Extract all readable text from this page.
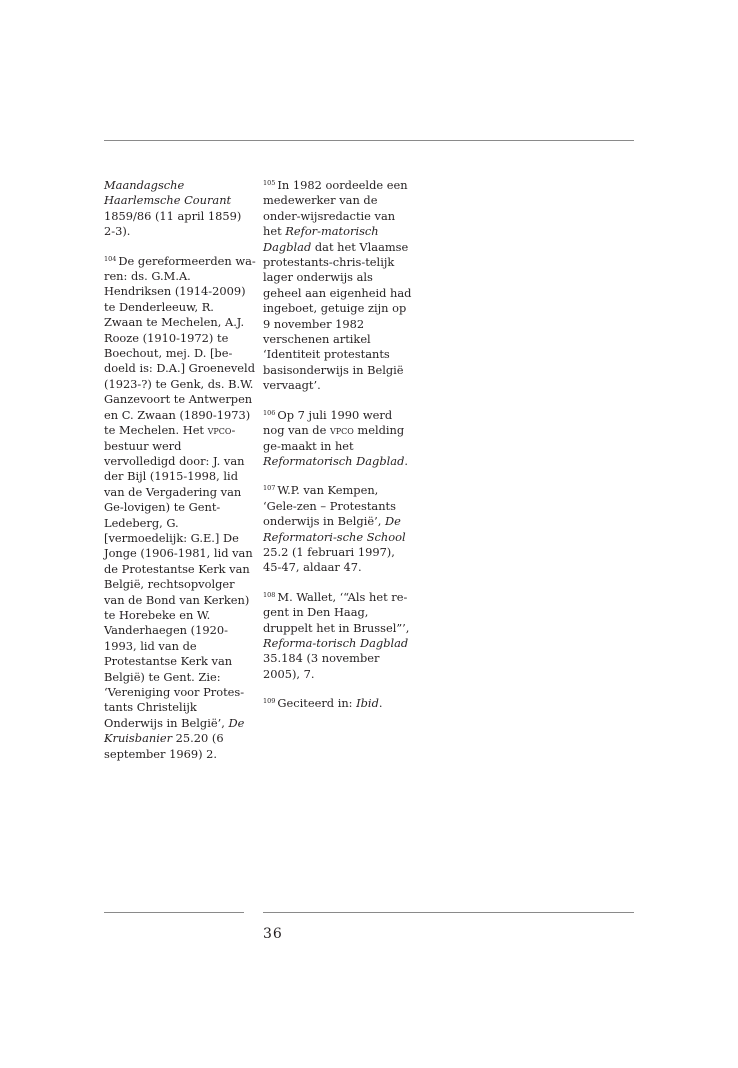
Maandagsche Haarlemsche Courant 1859/86 (11 april 1859) 2-3).

$^{104}$ De gereformeerden wa-ren: ds. G.M.A. Hendriksen (1914-2009) te Denderleeuw, R. Zwaan te Mechelen, A.J. Rooze (1910-1972) te Boechout, mej. D. [be-doeld is: D.A.] Groeneveld (1923-?) te Genk, ds. B.W. Ganzevoort te Antwerpen en C. Zwaan (1890-1973) te Mechelen. Het vpco-bestuur werd vervolledigd door: J. van der Bijl (1915-1998, lid van de Vergadering van Ge-lovigen) te Gent-Ledeberg, G. [vermoedelijk: G.E.] De Jonge (1906-1981, lid van de Protestantse Kerk van België, rechtsopvolger van de Bond van Kerken) te Horebeke en W. Vanderhaegen (1920-1993, lid van de Protestantse Kerk van België) te Gent. Zie: ‘Vereniging voor Protes-tants Christelijk Onderwijs in België’, De Kruisbanier 25.20 (6 september 1969) 2.

$^{105}$ In 1982 oordeelde een medewerker van de onder-wijsredactie van het Refor-matorisch Dagblad dat het Vlaamse protestants-chris-telijk lager onderwijs als geheel aan eigenheid had ingeboet, getuige zijn op 9 november 1982 verschenen artikel ‘Identiteit protestants basisonderwijs in België vervaagt’.

$^{106}$ Op 7 juli 1990 werd nog van de vpco melding ge-maakt in het Reformatorisch Dagblad.

$^{107}$ W.P. van Kempen, ‘Gele-zen – Protestants onderwijs in België’, De Reformatori-sche School 25.2 (1 februari 1997), 45-47, aldaar 47.

$^{108}$ M. Wallet, ‘“Als het re-gent in Den Haag, druppelt het in Brussel”’, Reforma-torisch Dagblad 35.184 (3 november 2005), 7.

$^{109}$ Geciteerd in: Ibid.

36
